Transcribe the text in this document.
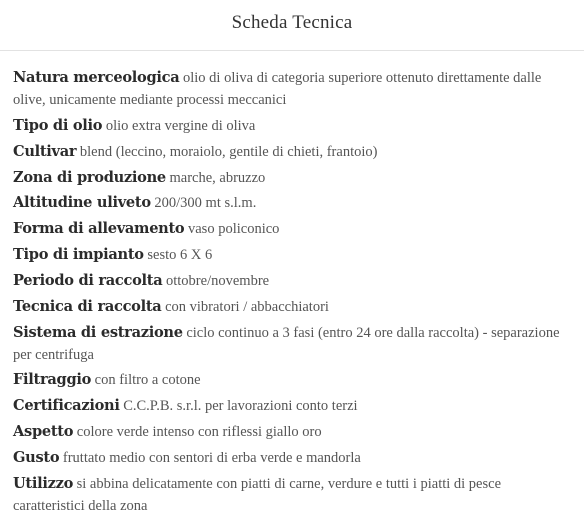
Scheda Tecnica
Natura merceologica olio di oliva di categoria superiore ottenuto direttamente dalle olive, unicamente mediante processi meccanici
Tipo di olio olio extra vergine di oliva
Cultivar blend (leccino, moraiolo, gentile di chieti, frantoio)
Zona di produzione marche, abruzzo
Altitudine uliveto 200/300 mt s.l.m.
Forma di allevamento vaso policonico
Tipo di impianto sesto 6 X 6
Periodo di raccolta ottobre/novembre
Tecnica di raccolta con vibratori / abbacchiatori
Sistema di estrazione ciclo continuo a 3 fasi (entro 24 ore dalla raccolta) - separazione per centrifuga
Filtraggio con filtro a cotone
Certificazioni C.C.P.B. s.r.l. per lavorazioni conto terzi
Aspetto colore verde intenso con riflessi giallo oro
Gusto fruttato medio con sentori di erba verde e mandorla
Utilizzo si abbina delicatamente con piatti di carne, verdure e tutti i piatti di pesce caratteristici della zona
